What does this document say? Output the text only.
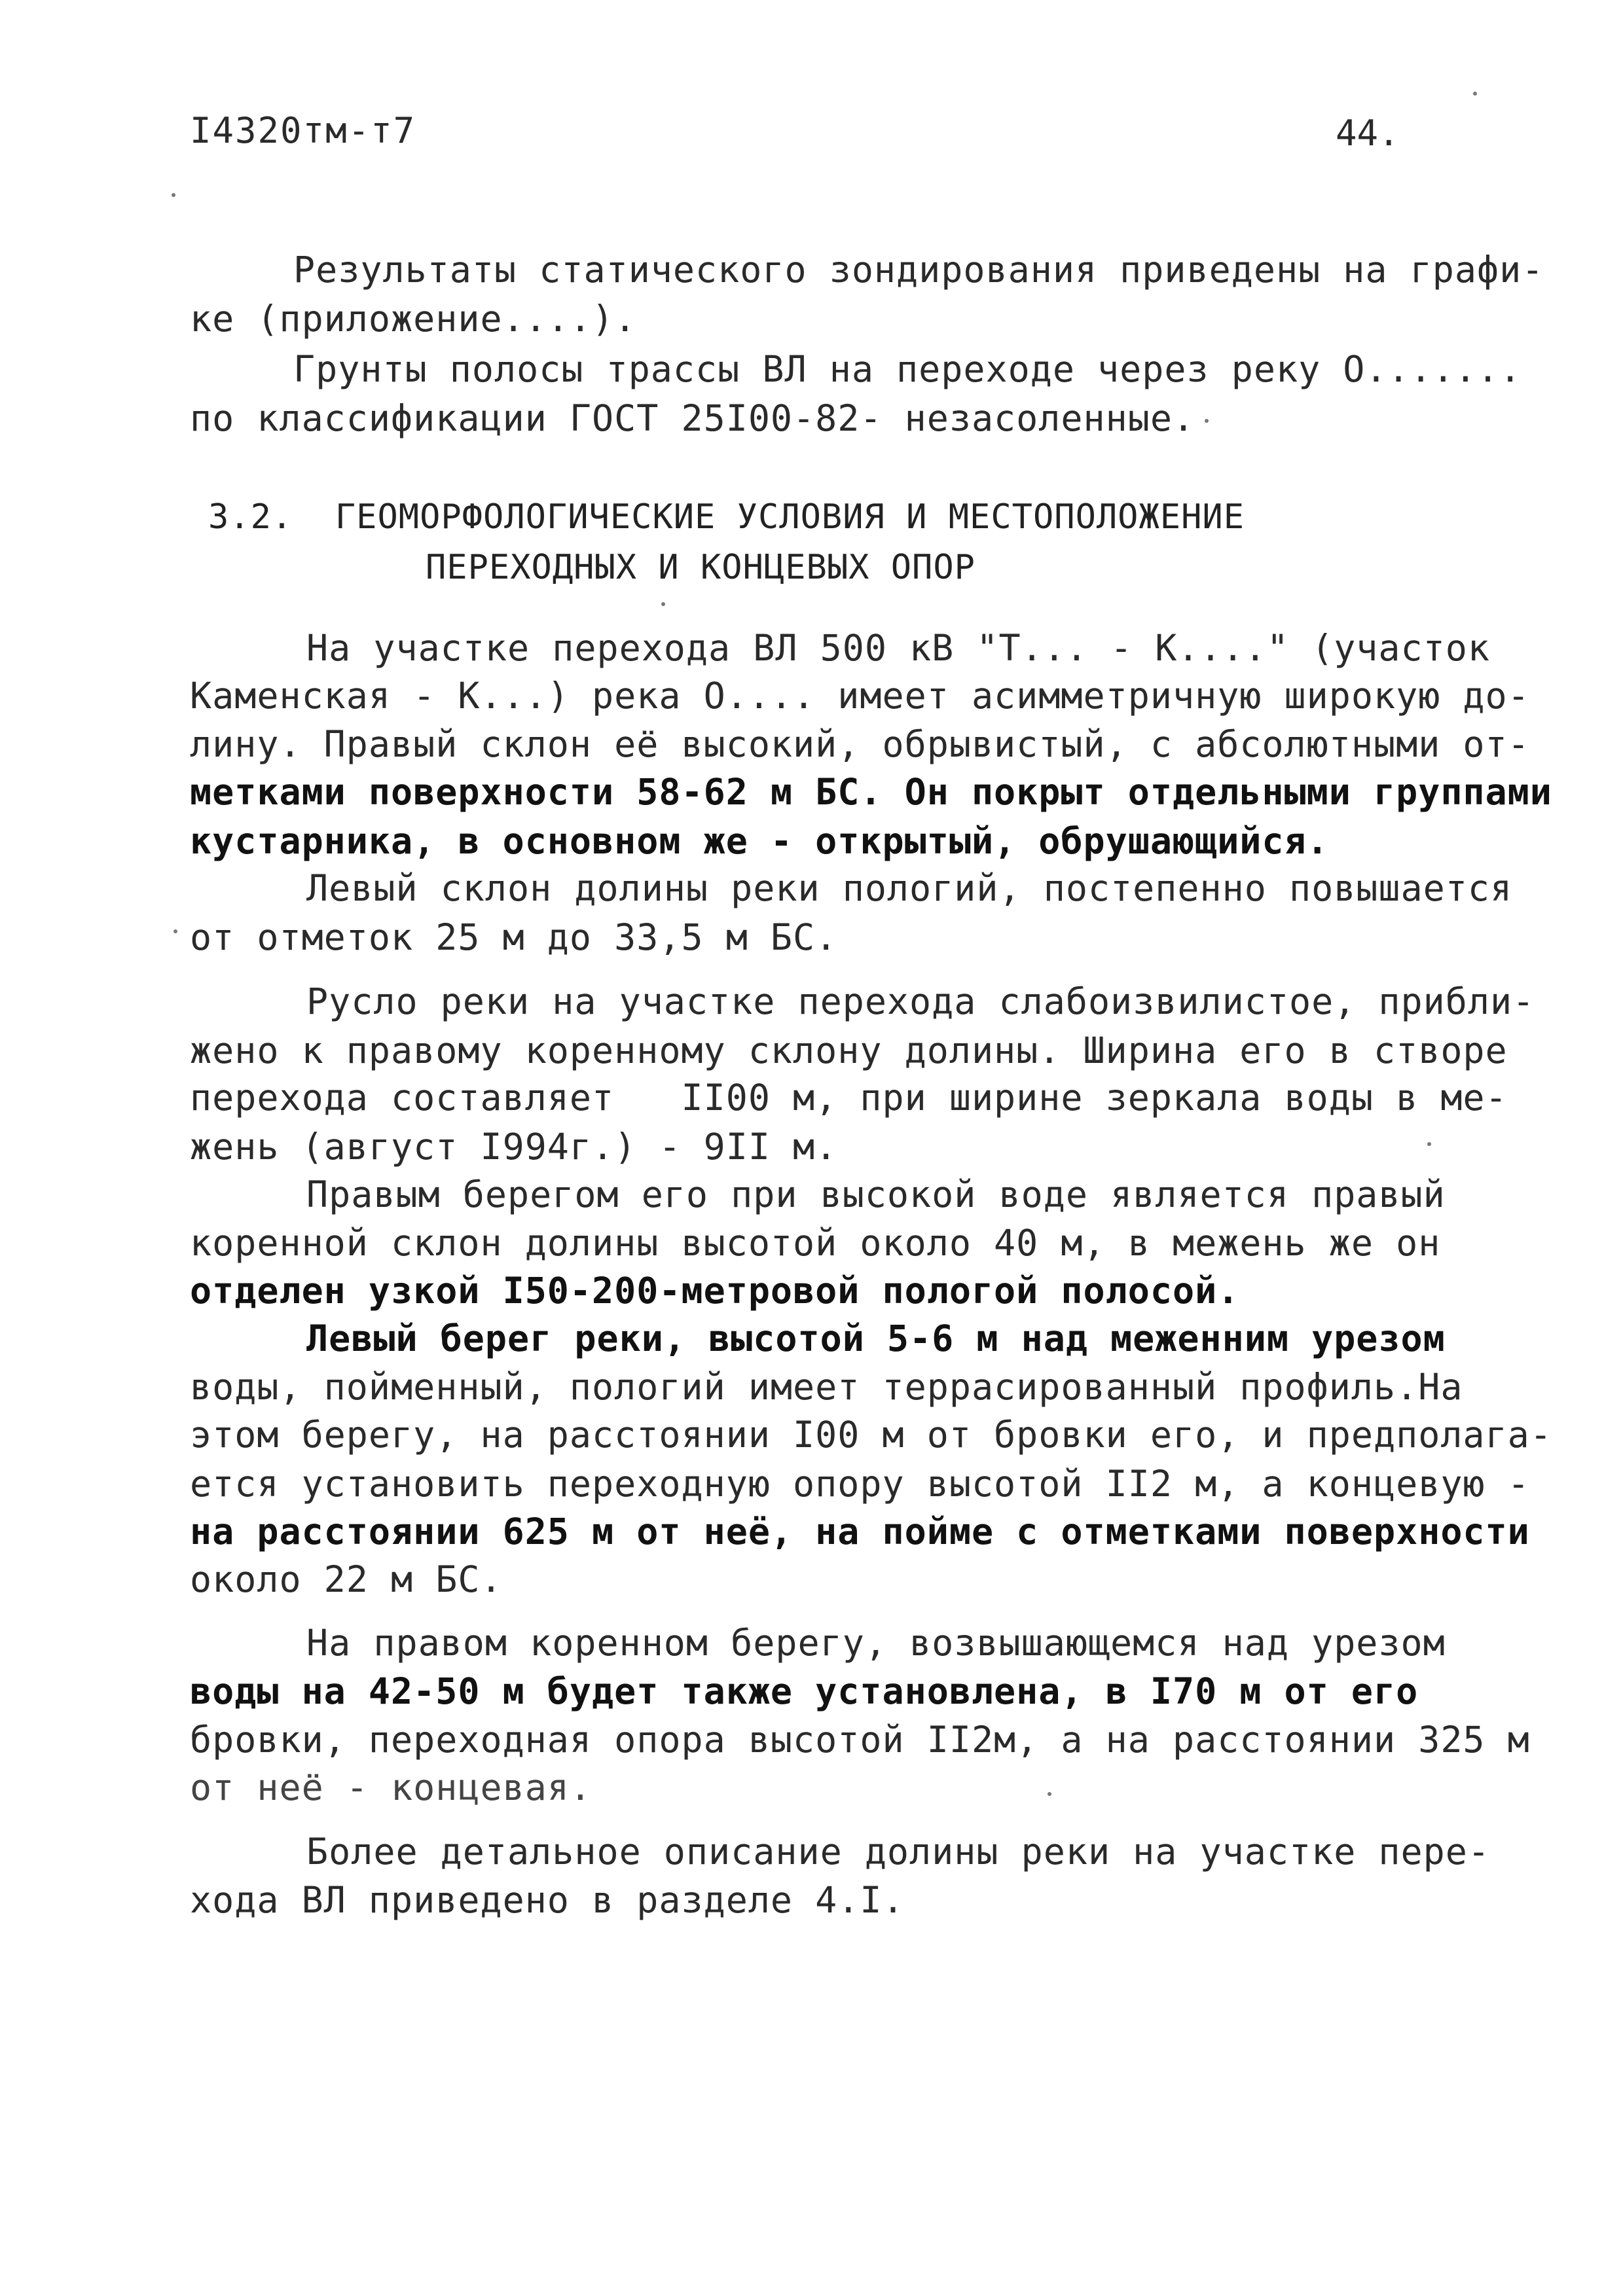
I4320тм-т7	44.
Результаты статического зондирования приведены на графи-
ке (приложение....).
Грунты полосы трассы ВЛ на переходе через реку О.......
по классификации ГОСТ 25I00-82- незасоленные.
3.2.  ГЕОМОРФОЛОГИЧЕСКИЕ УСЛОВИЯ И МЕСТОПОЛОЖЕНИЕ
ПЕРЕХОДНЫХ И КОНЦЕВЫХ ОПОР
На участке перехода ВЛ 500 кВ "Т... - К...." (участок
Каменская - К...) река О.... имеет асимметричную широкую до-
лину. Правый склон её высокий, обрывистый, с абсолютными от-
метками поверхности 58-62 м БС. Он покрыт отдельными группами
кустарника, в основном же - открытый, обрушающийся.
Левый склон долины реки пологий, постепенно повышается
от отметок 25 м до 33,5 м БС.
Русло реки на участке перехода слабоизвилистое, прибли-
жено к правому коренному склону долины. Ширина его в створе
перехода составляет   II00 м, при ширине зеркала воды в ме-
жень (август I994г.) - 9II м.
Правым берегом его при высокой воде является правый
коренной склон долины высотой около 40 м, в межень же он
отделен узкой I50-200-метровой пологой полосой.
Левый берег реки, высотой 5-6 м над меженним урезом
воды, пойменный, пологий имеет террасированный профиль.На
этом берегу, на расстоянии I00 м от бровки его, и предполага-
ется установить переходную опору высотой II2 м, а концевую -
на расстоянии 625 м от неё, на пойме с отметками поверхности
около 22 м БС.
На правом коренном берегу, возвышающемся над урезом
воды на 42-50 м будет также установлена, в I70 м от его
бровки, переходная опора высотой II2м, а на расстоянии 325 м
от неё - концевая.
Более детальное описание долины реки на участке пере-
хода ВЛ приведено в разделе 4.I.
